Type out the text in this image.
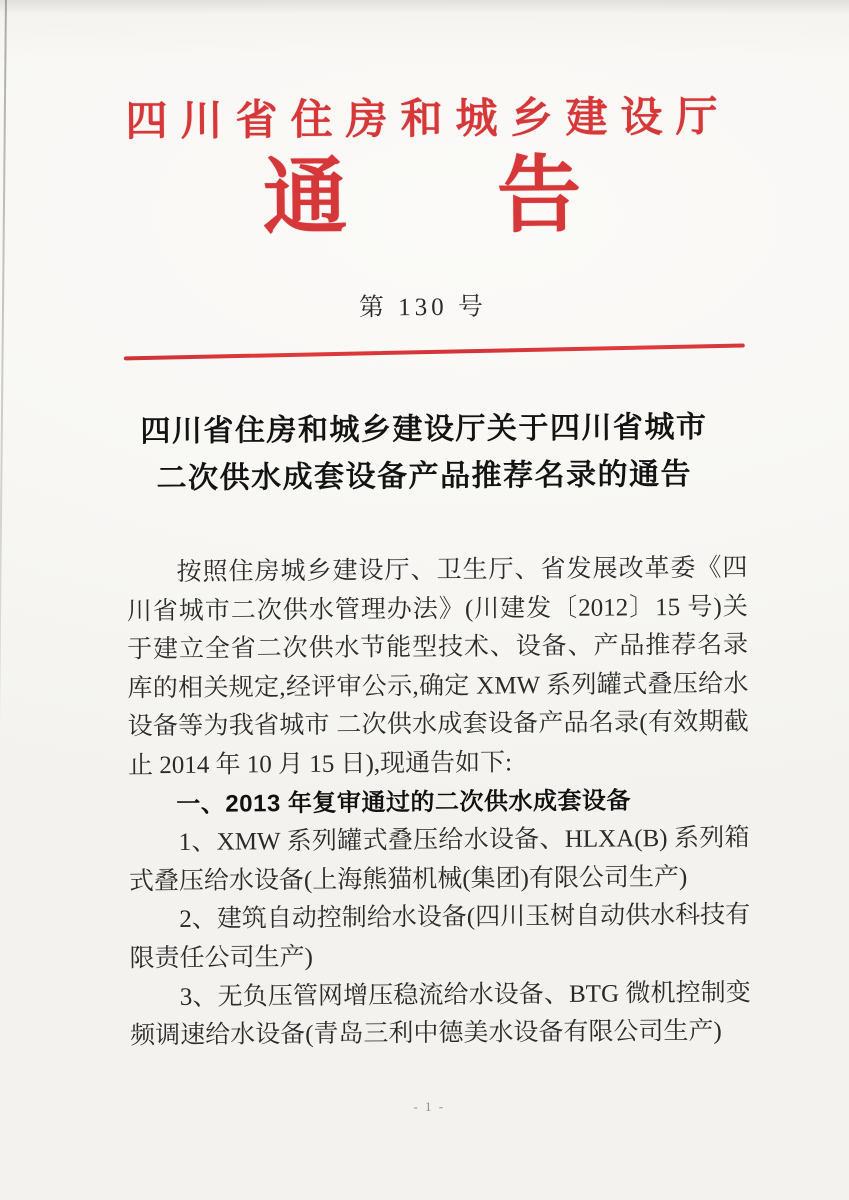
四川省住房和城乡建设厅
通 告
第 130 号
四川省住房和城乡建设厅关于四川省城市
二次供水成套设备产品推荐名录的通告

按照住房城乡建设厅、卫生厅、省发展改革委《四川省城市二次供水管理办法》(川建发〔2012〕15 号)关于建立全省二次供水节能型技术、设备、产品推荐名录库的相关规定,经评审公示,确定 XMW 系列罐式叠压给水设备等为我省城市 二次供水成套设备产品名录(有效期截止 2014 年 10 月 15 日),现通告如下:

一、2013 年复审通过的二次供水成套设备

1、XMW 系列罐式叠压给水设备、HLXA(B) 系列箱式叠压给水设备(上海熊猫机械(集团)有限公司生产)

2、建筑自动控制给水设备(四川玉树自动供水科技有限责任公司生产)

3、无负压管网增压稳流给水设备、BTG 微机控制变频调速给水设备(青岛三利中德美水设备有限公司生产)

- 1 -
